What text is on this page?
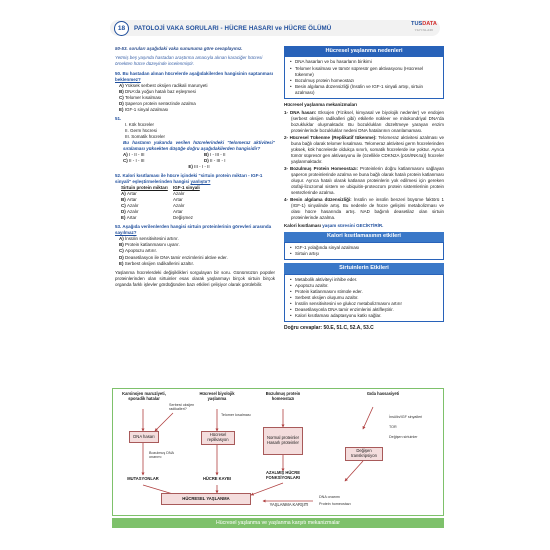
18	PATOLOJİ VAKA SORULARI - HÜCRE HASARI ve HÜCRE ÖLÜMÜ
TUSDATA
YAYINLARI
50-53. soruları aşağıdaki vaka sununuma göre cevaplayınız.
Yetmiş beş yaşında hastadan araştırma amacıyla alınan karaciğer hücresi örnekten hücre düzeyinde incelenmiştir.
50. Bu hastadan alınan hücrelerde aşağıdakilerden hangisinin saptanması beklenmez?
A) Yüksek serbest oksijen radikali marunyeti
B) DNA'da yoğun hatalı baz eşleşmesi
C) Telomer kısalması
D) Şaperon protein sentezinde azalma
E) IGF-1 sinyal azalması
51.
I. Kök hücreler
II. Germ hücresi
III. Somatik hücreler
Bu hastanın yukarıda verilen hücrelerindeki "telomeraz aktivitesi" sıralaması yüksekten düşüğe doğru aşağıdakilerden hangisidir?
A) I - II - III	B) I - III - II
C) II - I - III	D) II - III - I
E) III - I - II
52. Kalori kısıtlaması ile hücre içindeki "sirtuin protein miktarı - IGF-1 sinyali" eşleştirmelerinden hangisi yanlıştır?
Sirtuin protein miktarı IGF-1 sinyali
A) Artar	Azalır
B) Artar	Artar
C) Azalır	Azalır
D) Azalır	Artar
E) Artar	Değişmez
53. Aşağıda verilenlerden hangisi sirtuin proteinlerinin görevleri arasında sayılmaz?
A) İnsülin sensitivitesini artırır.
B) Protein katlanmasını uyarır.
C) Apoptozu artırır.
D) Deasetilasyon ile DNA tamir enzimlerini aktive eder.
E) Serbest oksijen radikallerini azaltır.
Yaşlanma hücrelerdeki değişiklikleri sorgulayan bir soru. Günümüzün popüler proteinlerinden olan sirtuinler esas olarak yaşlanmayı birçok sirtuin birçok organda farklı işlevler gördüğünden bazı etkileri çelişiyor olarak görülebilir.
Hücresel yaşlanma nedenleri
• DNA hasarları ve bu hasarların birikimi
• Telomer kısalması ve tümör süpresör gen aktivasyonu (Hücresel tükenme)
• Bozulmuş protein homeostazı
• Besin algılama düzensizliği (İnsülin ve IGF-1 sinyali artışı, sirtuin azalması)
Hücresel yaşlanma mekanizmaları
1- DNA hasarı: Eksojen (Fiziksel, kimyasal ve biyolojik nedenler) ve endojen (serbest oksijen radikalleri gibi) etkilerle nükleer ve mitokondriyal DNA'da bozukluklar oluşmaktadır. Bu bozuklukları düzeltmeye yarayan enzim proteinlerinde bozukluklar nedeni DNA hatalarının onarılamaması.
2- Hücresel Tükenme (Replikatif tükenme): Telomeraz aktivitesi azalması ve buna bağlı olarak telomer kısalması. Telomeraz aktivitesi germ hücrelerinden yüksek, kök hücrelerde oldukça sınırlı, somatik hücrelerde ise yoktur. Ayrıca tümör süpresör gen aktivasyonu ile (özellikle CDKN2A (p16/INK4a)) hücreler yaşlanmaktadır.
3- Bozulmuş Protein Homeostazı: Proteinlerin doğru katlanmasını sağlayan şaperon proteinlerinde azalma ve buna bağlı olarak hatalı protein katlanması oluşur. Ayrıca hatalı olarak katlanan proteinlerin yok edilmesi için gereken otofaji-lizozomal sistem ve ubiquitin-proteozom protein sistemlerinin protein sentezlerinde azalma.
4- Besin algılama düzensizliği: İnsülin ve insülin benzeri büyüme faktörü 1 (IGF-1) sinyalinde artış. Bu nedenle de hücre gelişimi metabolizması ve olası hücre hasarında artış. NAD bağımlı deasetilaz olan sirtuin proteinlerinde azalma.
Kalori kısıtlaması yaşam süresini GECİKTİRİR.
Kalori kısıtlamasının etkileri
• IGF-1 yolağında sinyal azalması
• Sirtuin artışı
Sirtuinlerin Etkileri
• Metabolik aktiviteyi inhibe eder.
• Apoptozu azaltır.
• Protein katlanmasını stimüle eder.
• Serbest oksijen oluşumu azaltır.
• İnsülin sensitivitesini ve glukoz metabolizmasını artırır
• Deasetilasyonla DNA tamir enzimlerini aktifleştirir.
• Kalori kısıtlaması adaptasyonu katkı sağlar.
Doğru cevaplar: 50.E, 51.C, 52.A, 53.C
Karsinojen maruziyeti, sporadik hatalar
Hücresel biyolojik yaşlanma
Bozulmuş protein homeostazı
Gıda hassasiyeti
Serbest oksijen radikalleri?
Telomer kısalması
DNA hasarı	Hücresel replikasyon	Normal proteinler
Hasarlı proteinler
Bozulmuş DNA onarımı
İnsülin/IGF sinyalleri
TOR
Değişen sirtuinler
Değişen transkripsiyon
MUTASYONLAR	HÜCRE KAYBI
AZALMIŞ HÜCRE FONKSİYONLARI
HÜCRESEL YAŞLANMA
YAŞLANMA KARŞITI
DNA onarımı
Protein homeostazı
Hücresel yaşlanma ve yaşlanma karşıtı mekanizmalar
